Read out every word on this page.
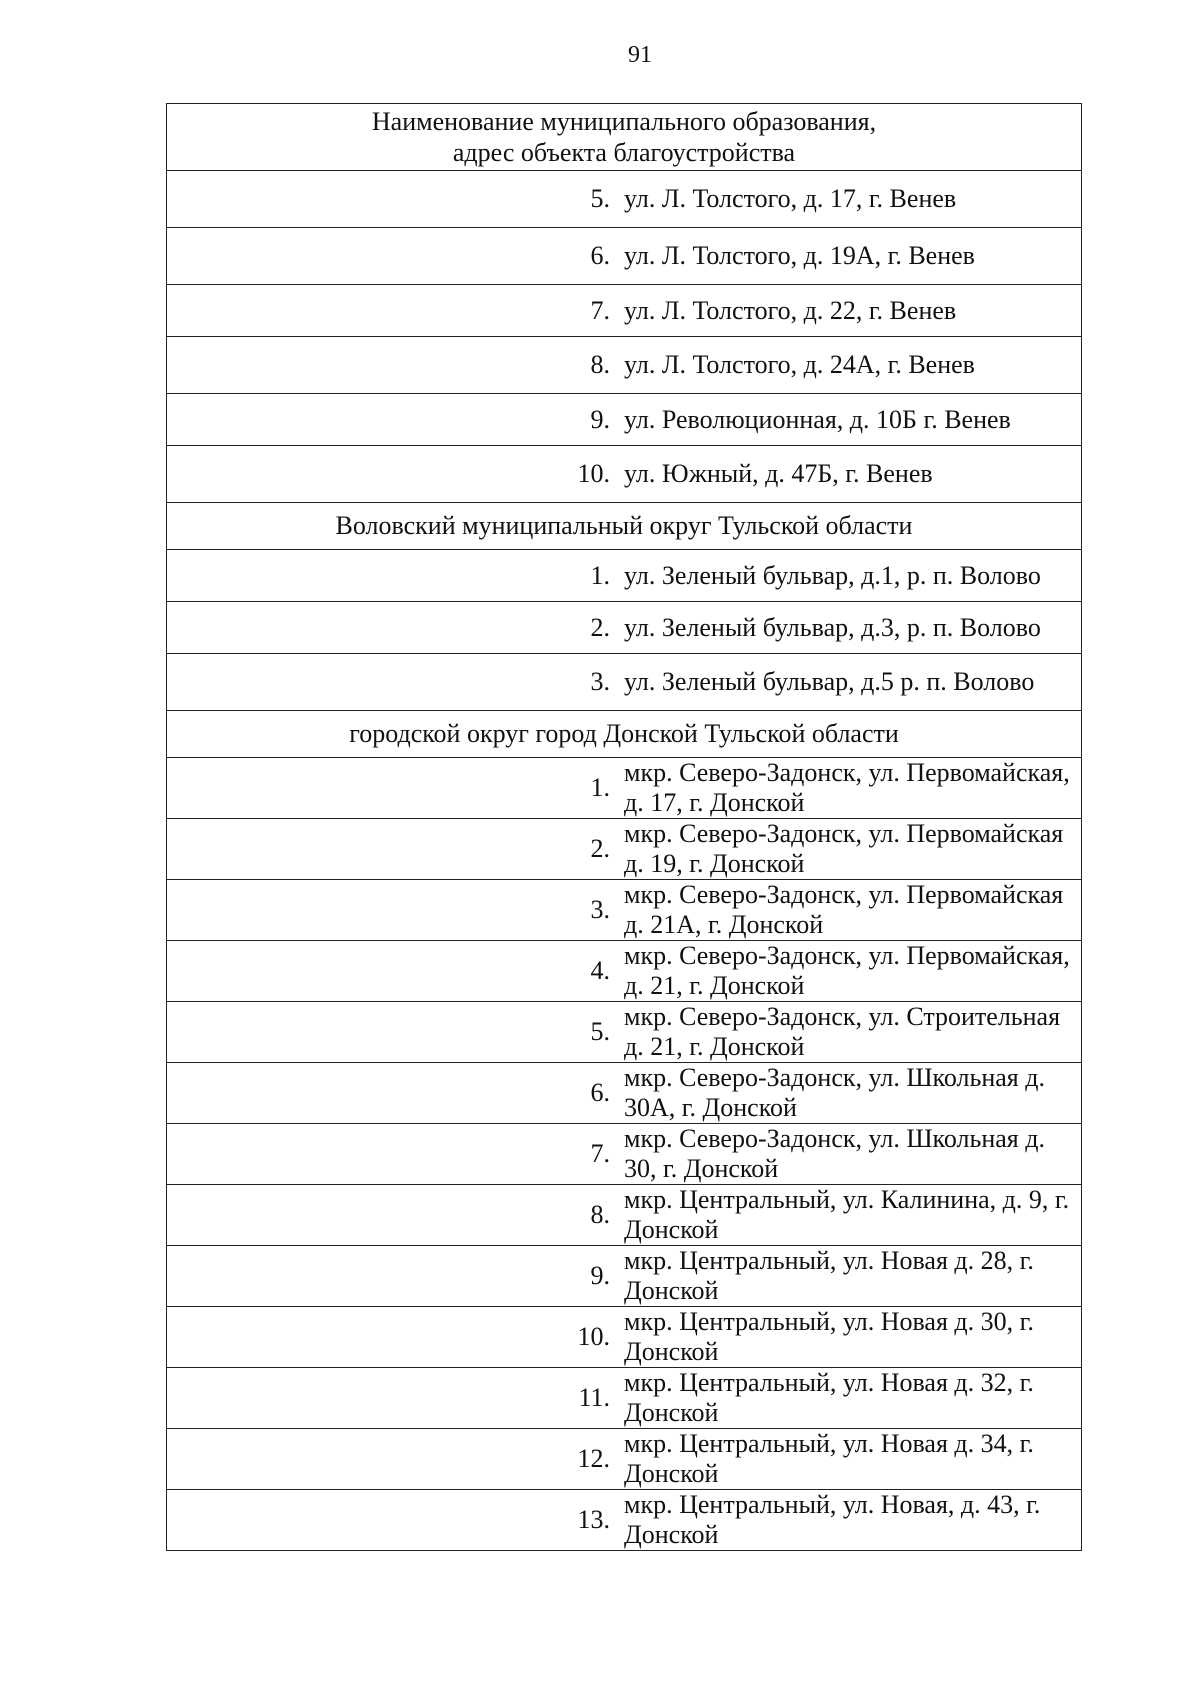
91
Наименование муниципального образования,
адрес объекта благоустройства	

5.	ул. Л. Толстого, д. 17, г. Венев
6.	ул. Л. Толстого, д. 19А, г. Венев
7.	ул. Л. Толстого, д. 22, г. Венев
8.	ул. Л. Толстого, д. 24А, г. Венев
9.	ул. Революционная, д. 10Б г. Венев
10.	ул. Южный, д. 47Б, г. Венев
Воловский муниципальный округ Тульской области	
1.	ул. Зеленый бульвар, д.1, р. п. Волово
2.	ул. Зеленый бульвар, д.3, р. п. Волово
3.	ул. Зеленый бульвар, д.5 р. п. Волово
городской округ город Донской Тульской области	
1.	мкр. Северо-Задонск, ул. Первомайская, д. 17, г. Донской
2.	мкр. Северо-Задонск, ул. Первомайская д. 19, г. Донской
3.	мкр. Северо-Задонск, ул. Первомайская д. 21А, г. Донской
4.	мкр. Северо-Задонск, ул. Первомайская, д. 21, г. Донской
5.	мкр. Северо-Задонск, ул. Строительная д. 21, г. Донской
6.	мкр. Северо-Задонск, ул. Школьная д. 30А, г. Донской
7.	мкр. Северо-Задонск, ул. Школьная д. 30, г. Донской
8.	мкр. Центральный, ул. Калинина, д. 9, г. Донской
9.	мкр. Центральный, ул. Новая д. 28, г. Донской
10.	мкр. Центральный, ул. Новая д. 30, г. Донской
11.	мкр. Центральный, ул. Новая д. 32, г. Донской
12.	мкр. Центральный, ул. Новая д. 34, г. Донской
13.	мкр. Центральный, ул. Новая, д. 43, г. Донской
